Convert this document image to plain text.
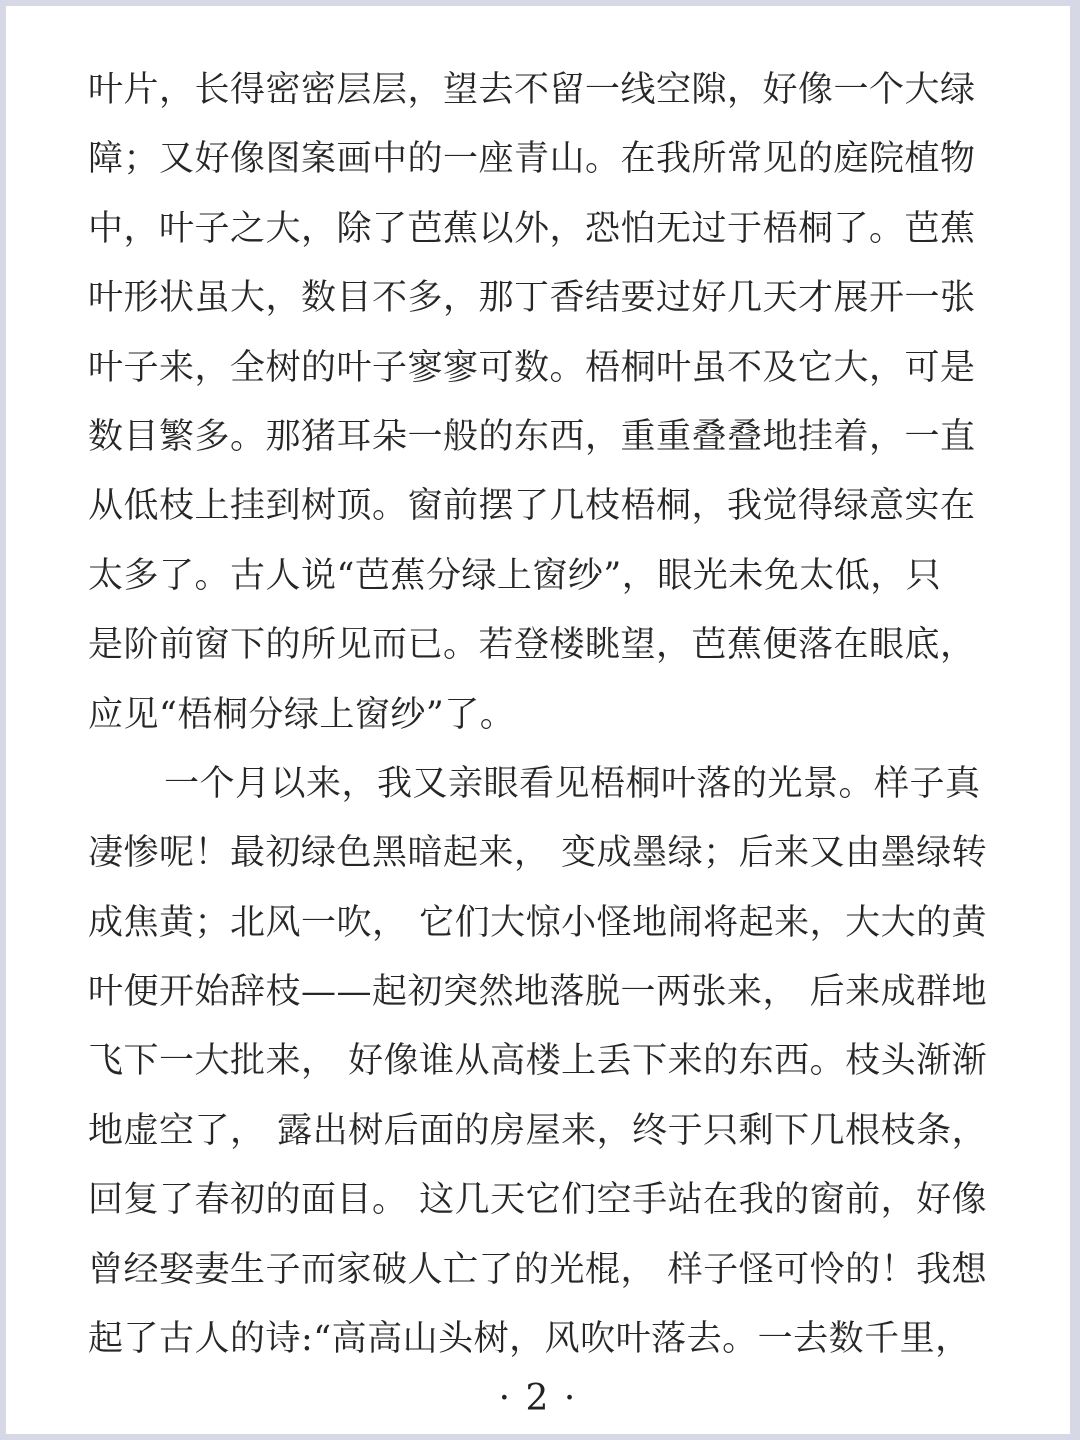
叶片，长得密密层层，望去不留一线空隙，好像一个大绿
障；又好像图案画中的一座青山。在我所常见的庭院植物
中，叶子之大，除了芭蕉以外，恐怕无过于梧桐了。芭蕉
叶形状虽大，数目不多，那丁香结要过好几天才展开一张
叶子来，全树的叶子寥寥可数。梧桐叶虽不及它大，可是
数目繁多。那猪耳朵一般的东西，重重叠叠地挂着，一直
从低枝上挂到树顶。窗前摆了几枝梧桐，我觉得绿意实在
太多了。古人说“芭蕉分绿上窗纱”，眼光未免太低，只
是阶前窗下的所见而已。若登楼眺望，芭蕉便落在眼底，
应见“梧桐分绿上窗纱”了。
一个月以来，我又亲眼看见梧桐叶落的光景。样子真
凄惨呢！最初绿色黑暗起来， 变成墨绿；后来又由墨绿转
成焦黄；北风一吹， 它们大惊小怪地闹将起来，大大的黄
叶便开始辞枝——起初突然地落脱一两张来， 后来成群地
飞下一大批来， 好像谁从高楼上丢下来的东西。枝头渐渐
地虚空了， 露出树后面的房屋来，终于只剩下几根枝条，
回复了春初的面目。 这几天它们空手站在我的窗前，好像
曾经娶妻生子而家破人亡了的光棍， 样子怪可怜的！我想
起了古人的诗:“高高山头树，风吹叶落去。一去数千里，
· 2 ·
